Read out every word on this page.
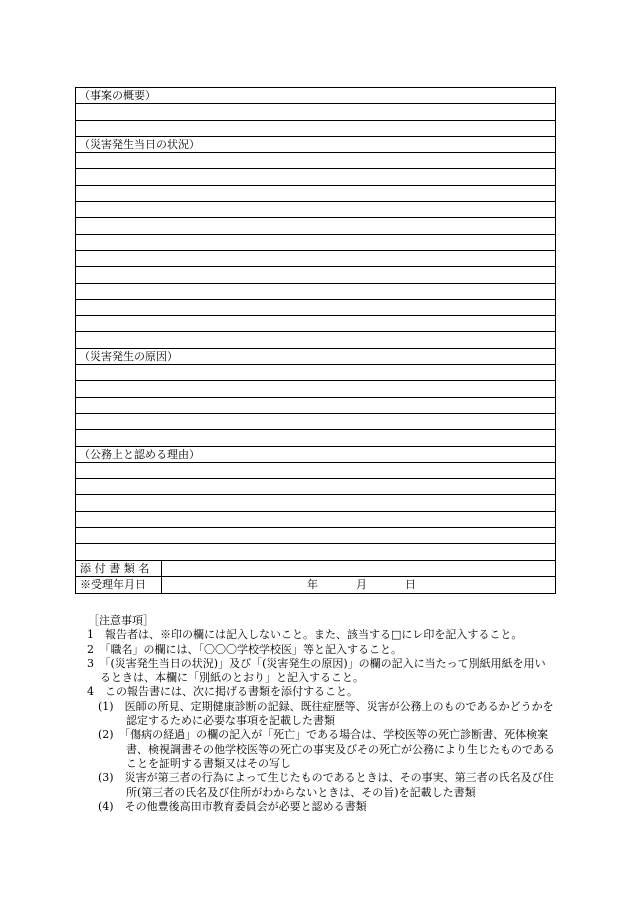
（事案の概要）
（災害発生当日の状況）
（災害発生の原因）
（公務上と認める理由）
添付書類名
※受理年月日	年	月	日
［注意事項］
1　報告者は、※印の欄には記入しないこと。また、該当する□にレ印を記入すること。
2　「職名」の欄には、「〇〇〇学校学校医」等と記入すること。
3　「(災害発生当日の状況)」及び「(災害発生の原因)」の欄の記入に当たって別紙用紙を用いるときは、本欄に「別紙のとおり」と記入すること。
4　この報告書には、次に掲げる書類を添付すること。
(1)　医師の所見、定期健康診断の記録、既往症歴等、災害が公務上のものであるかどうかを認定するために必要な事項を記載した書類
(2)　「傷病の経過」の欄の記入が「死亡」である場合は、学校医等の死亡診断書、死体検案書、検視調書その他学校医等の死亡の事実及びその死亡が公務により生じたものであることを証明する書類又はその写し
(3)　災害が第三者の行為によって生じたものであるときは、その事実、第三者の氏名及び住所(第三者の氏名及び住所がわからないときは、その旨)を記載した書類
(4)　その他豊後高田市教育委員会が必要と認める書類
